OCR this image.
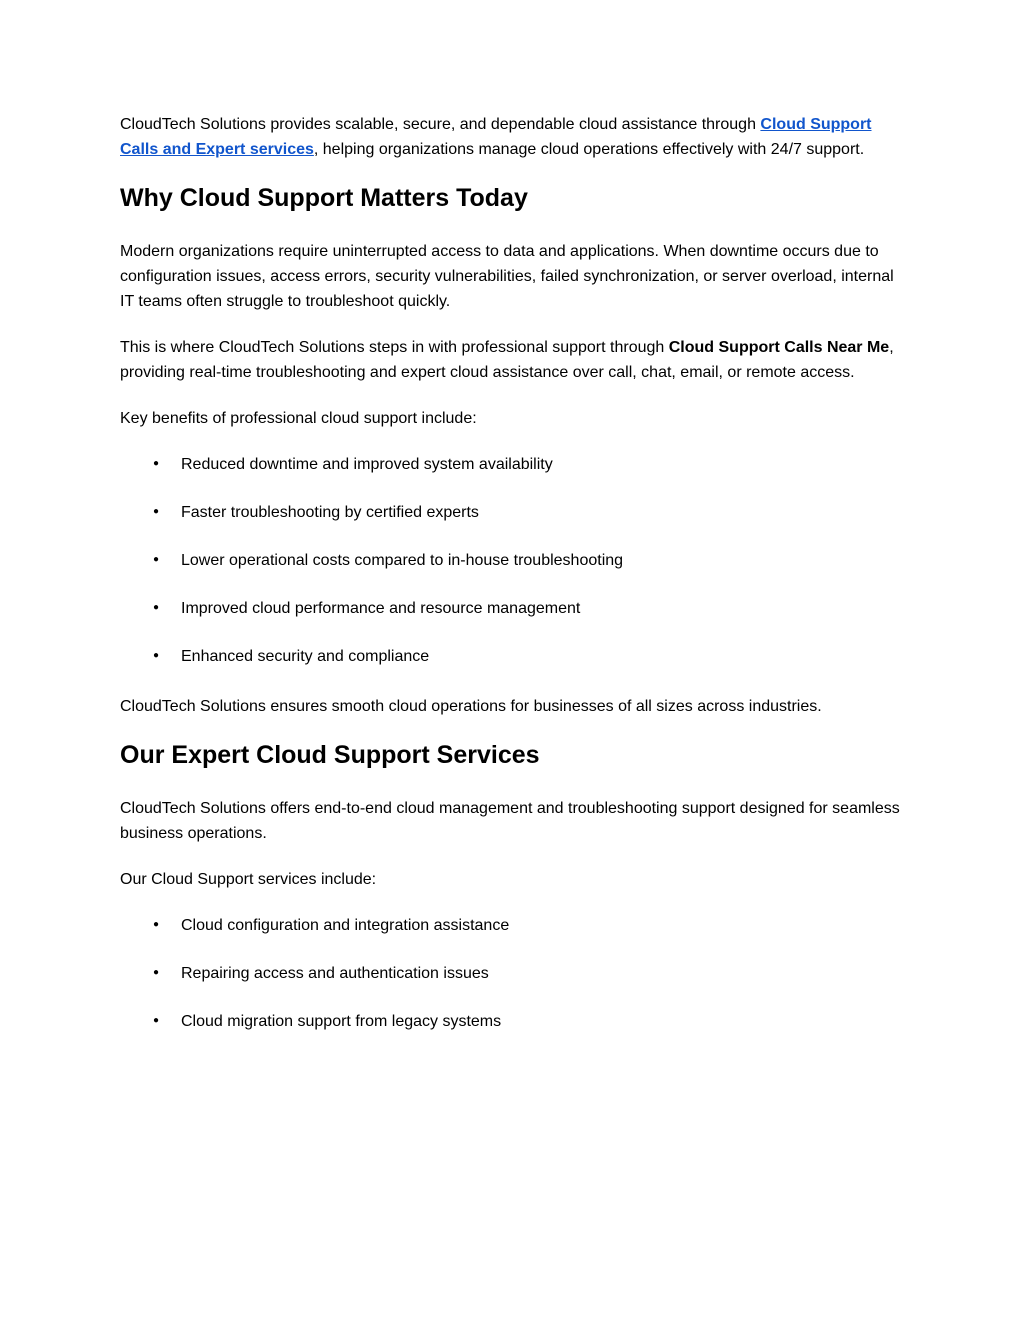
CloudTech Solutions provides scalable, secure, and dependable cloud assistance through Cloud Support Calls and Expert services, helping organizations manage cloud operations effectively with 24/7 support.

Why Cloud Support Matters Today

Modern organizations require uninterrupted access to data and applications. When downtime occurs due to configuration issues, access errors, security vulnerabilities, failed synchronization, or server overload, internal IT teams often struggle to troubleshoot quickly.

This is where CloudTech Solutions steps in with professional support through Cloud Support Calls Near Me, providing real-time troubleshooting and expert cloud assistance over call, chat, email, or remote access.

Key benefits of professional cloud support include:

● Reduced downtime and improved system availability
● Faster troubleshooting by certified experts
● Lower operational costs compared to in-house troubleshooting
● Improved cloud performance and resource management
● Enhanced security and compliance

CloudTech Solutions ensures smooth cloud operations for businesses of all sizes across industries.

Our Expert Cloud Support Services

CloudTech Solutions offers end-to-end cloud management and troubleshooting support designed for seamless business operations.

Our Cloud Support services include:

● Cloud configuration and integration assistance
● Repairing access and authentication issues
● Cloud migration support from legacy systems
